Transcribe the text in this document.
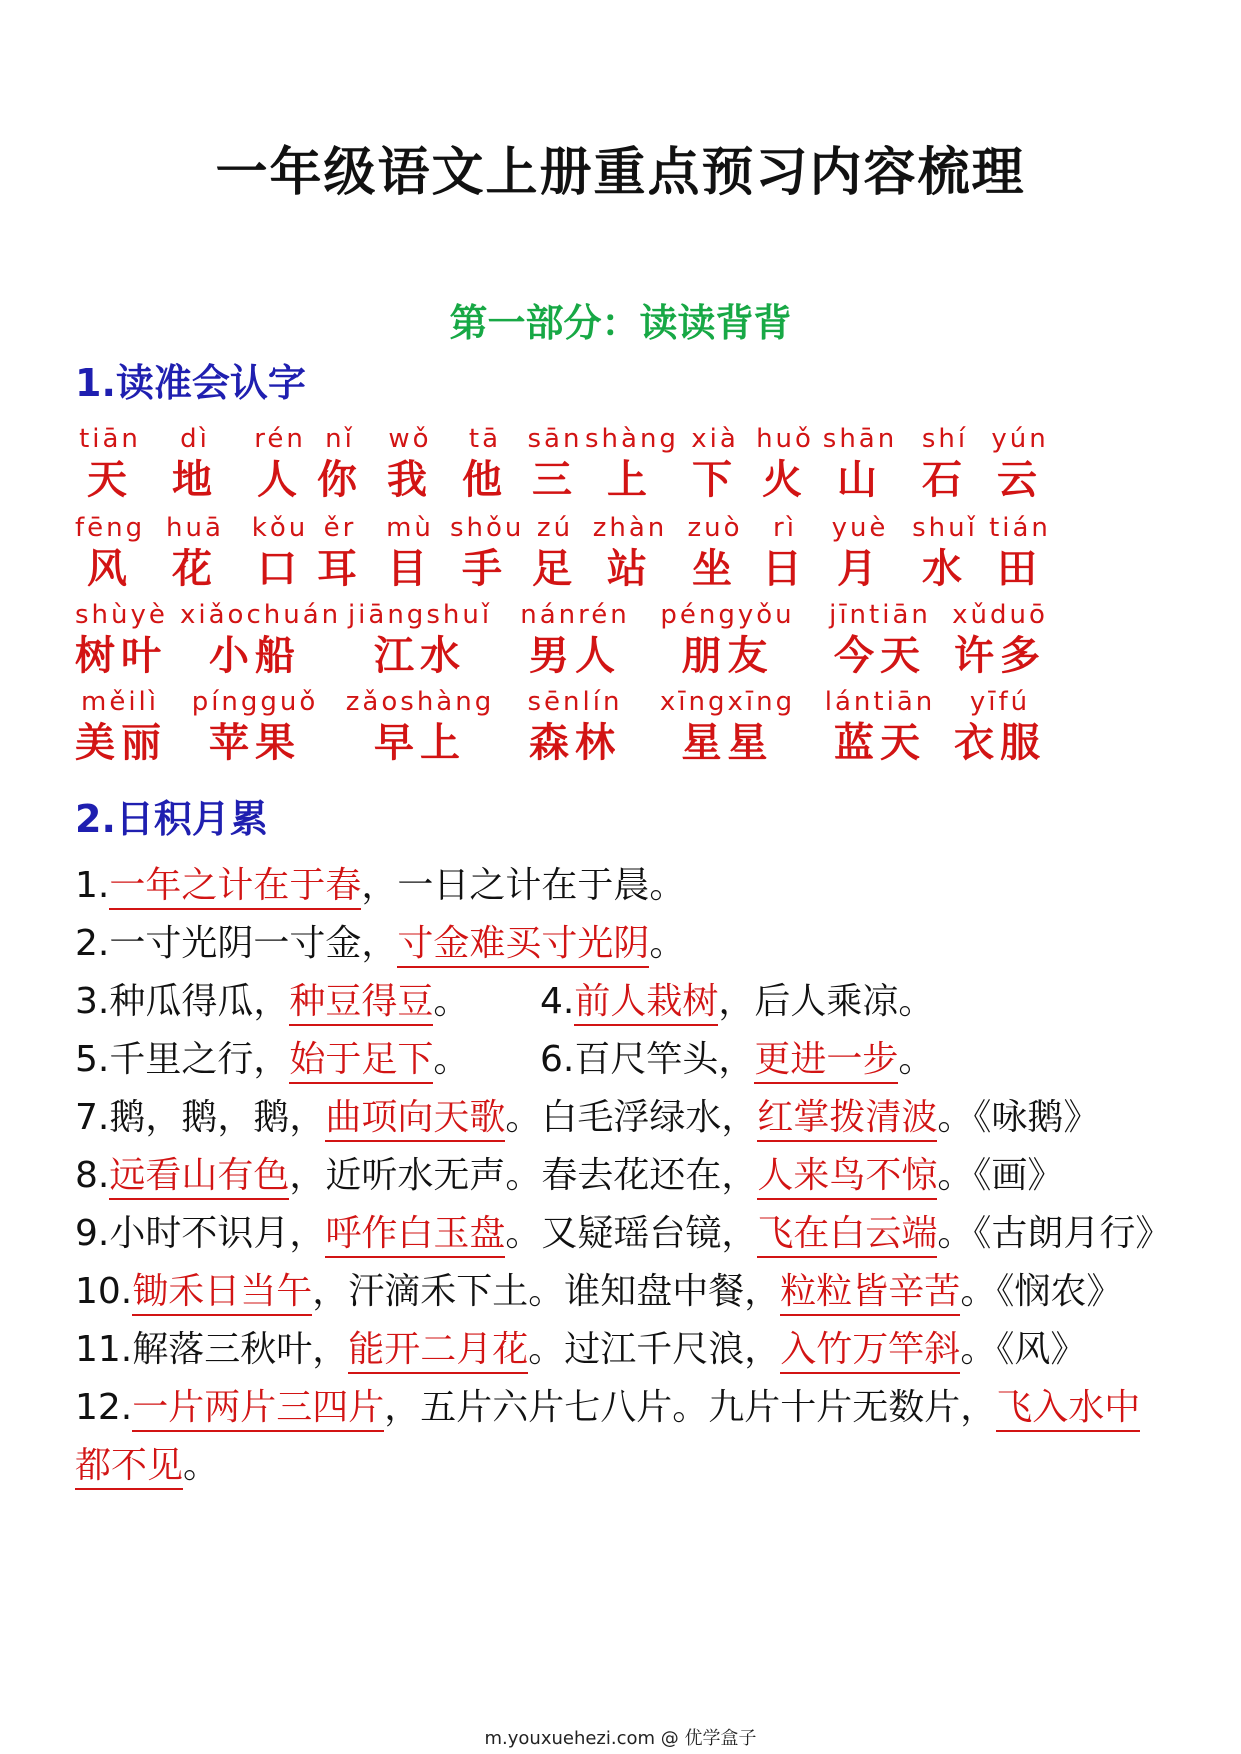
一年级语文上册重点预习内容梳理
第一部分：读读背背
1.读准会认字
tiān
天
dì
地
rén
人
nǐ
你
wǒ
我
tā
他
sān
三
shàng
上
xià
下
huǒ
火
shān
山
shí
石
yún
云
fēng
风
huā
花
kǒu
口
ěr
耳
mù
目
shǒu
手
zú
足
zhàn
站
zuò
坐
rì
日
yuè
月
shuǐ
水
tián
田
shùyè
树叶
xiǎochuán
小船
jiāngshuǐ
江水
nánrén
男人
péngyǒu
朋友
jīntiān
今天
xǔduō
许多
měilì
美丽
píngguǒ
苹果
zǎoshàng
早上
sēnlín
森林
xīngxīng
星星
lántiān
蓝天
yīfú
衣服
2.日积月累
1.一年之计在于春，一日之计在于晨。
2.一寸光阴一寸金，寸金难买寸光阴。
3.种瓜得瓜，种豆得豆。 4.前人栽树，后人乘凉。
5.千里之行，始于足下。 6.百尺竿头，更进一步。
7.鹅，鹅，鹅，曲项向天歌。白毛浮绿水，红掌拨清波。《咏鹅》
8.远看山有色，近听水无声。春去花还在，人来鸟不惊。《画》
9.小时不识月，呼作白玉盘。又疑瑶台镜，飞在白云端。《古朗月行》
10.锄禾日当午，汗滴禾下土。谁知盘中餐，粒粒皆辛苦。《悯农》
11.解落三秋叶，能开二月花。过江千尺浪，入竹万竿斜。《风》
12.一片两片三四片，五片六片七八片。九片十片无数片，飞入水中
都不见。
m.youxuehezi.com @ 优学盒子
